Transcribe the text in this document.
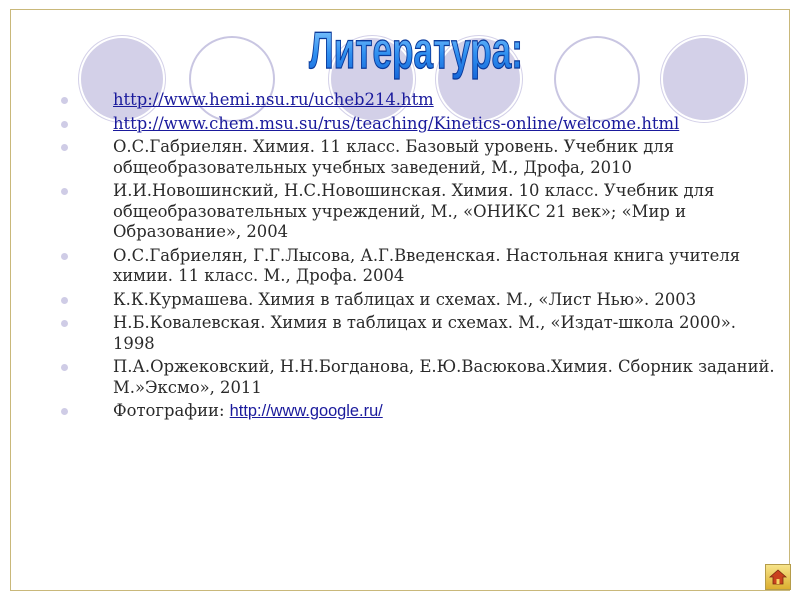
Литература:
http://www.hemi.nsu.ru/ucheb214.htm
http://www.chem.msu.su/rus/teaching/Kinetics-online/welcome.html
О.С.Габриелян. Химия. 11 класс. Базовый уровень. Учебник для общеобразовательных учебных заведений, М., Дрофа, 2010
И.И.Новошинский, Н.С.Новошинская. Химия. 10 класс. Учебник для общеобразовательных учреждений, М., «ОНИКС 21 век»; «Мир и Образование», 2004
О.С.Габриелян, Г.Г.Лысова, А.Г.Введенская. Настольная книга учителя химии. 11 класс. М., Дрофа. 2004
К.К.Курмашева. Химия в таблицах и схемах. М., «Лист Нью». 2003
Н.Б.Ковалевская. Химия в таблицах и схемах. М., «Издат-школа 2000». 1998
П.А.Оржековский, Н.Н.Богданова, Е.Ю.Васюкова.Химия. Сборник заданий. М.»Эксмо», 2011
Фотографии: http://www.google.ru/
